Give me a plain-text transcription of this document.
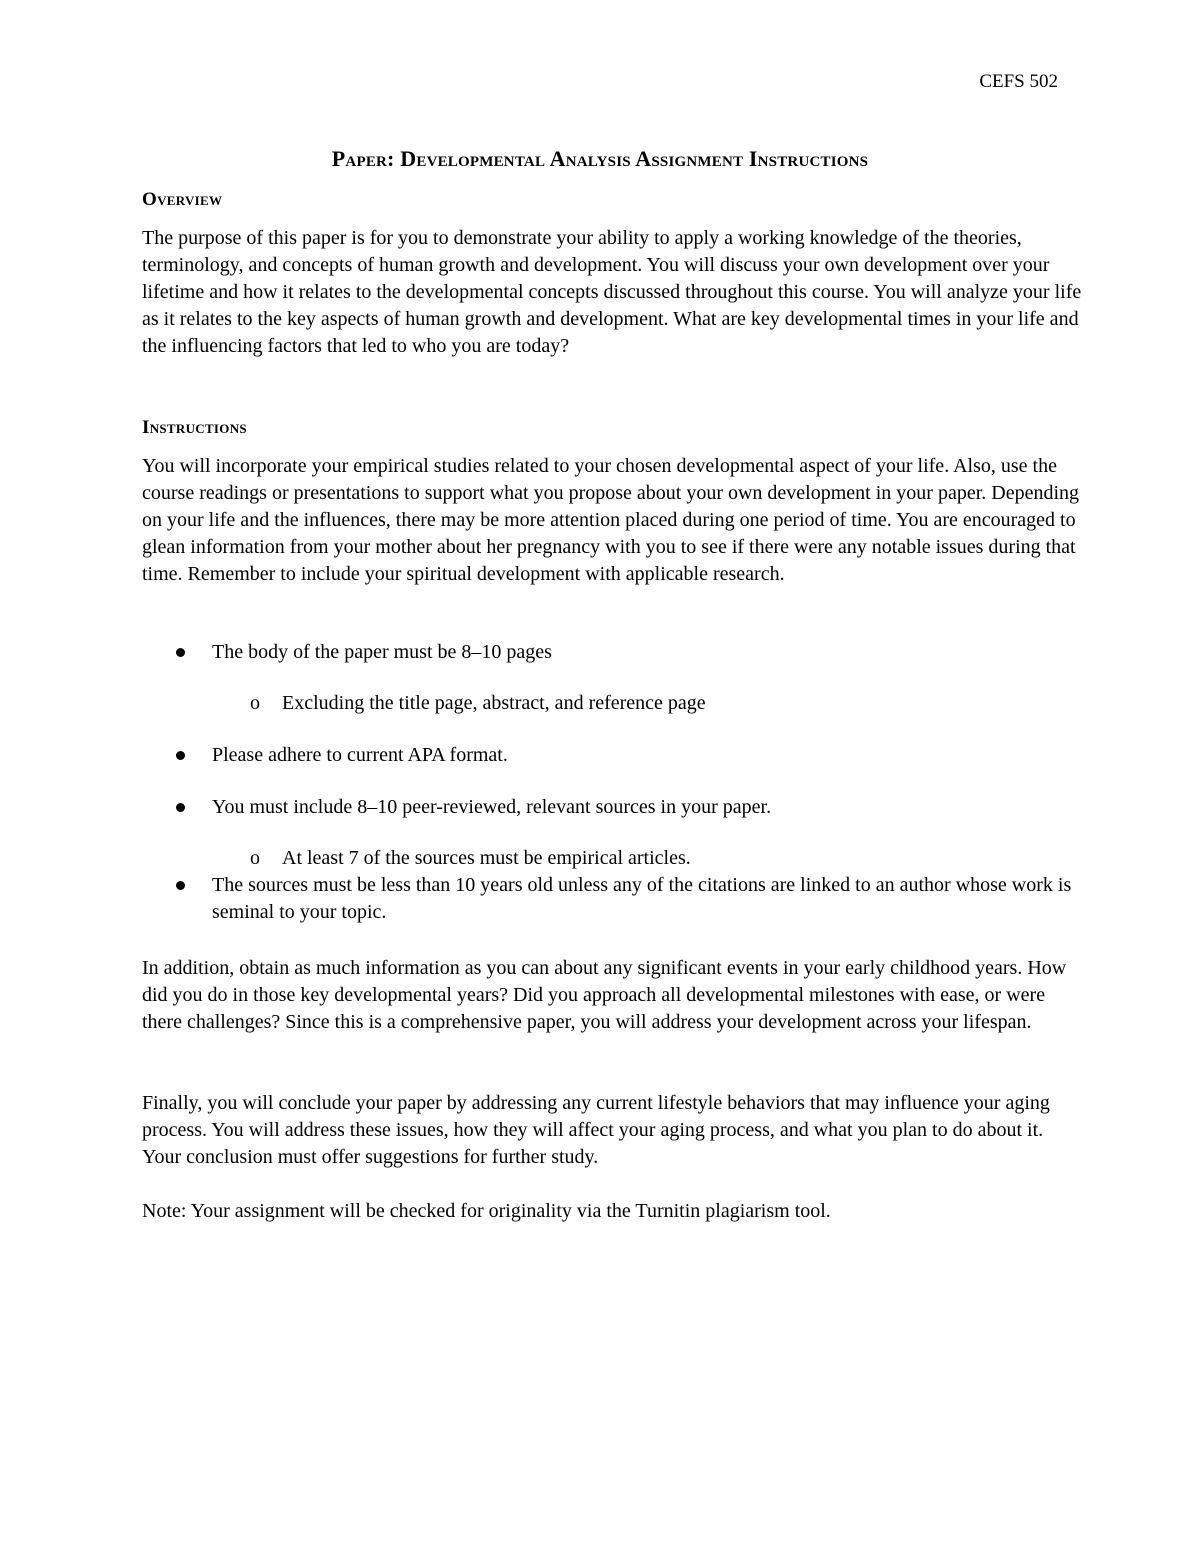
CEFS 502
Paper: Developmental Analysis Assignment Instructions
Overview

The purpose of this paper is for you to demonstrate your ability to apply a working knowledge of the theories, terminology, and concepts of human growth and development. You will discuss your own development over your lifetime and how it relates to the developmental concepts discussed throughout this course. You will analyze your life as it relates to the key aspects of human growth and development. What are key developmental times in your life and the influencing factors that led to who you are today?

Instructions

You will incorporate your empirical studies related to your chosen developmental aspect of your life. Also, use the course readings or presentations to support what you propose about your own development in your paper. Depending on your life and the influences, there may be more attention placed during one period of time. You are encouraged to glean information from your mother about her pregnancy with you to see if there were any notable issues during that time. Remember to include your spiritual development with applicable research.

The body of the paper must be 8–10 pages
o Excluding the title page, abstract, and reference page
Please adhere to current APA format.
You must include 8–10 peer-reviewed, relevant sources in your paper.
o At least 7 of the sources must be empirical articles.
The sources must be less than 10 years old unless any of the citations are linked to an author whose work is seminal to your topic.

In addition, obtain as much information as you can about any significant events in your early childhood years. How did you do in those key developmental years? Did you approach all developmental milestones with ease, or were there challenges? Since this is a comprehensive paper, you will address your development across your lifespan.

Finally, you will conclude your paper by addressing any current lifestyle behaviors that may influence your aging process. You will address these issues, how they will affect your aging process, and what you plan to do about it. Your conclusion must offer suggestions for further study.

Note: Your assignment will be checked for originality via the Turnitin plagiarism tool.
